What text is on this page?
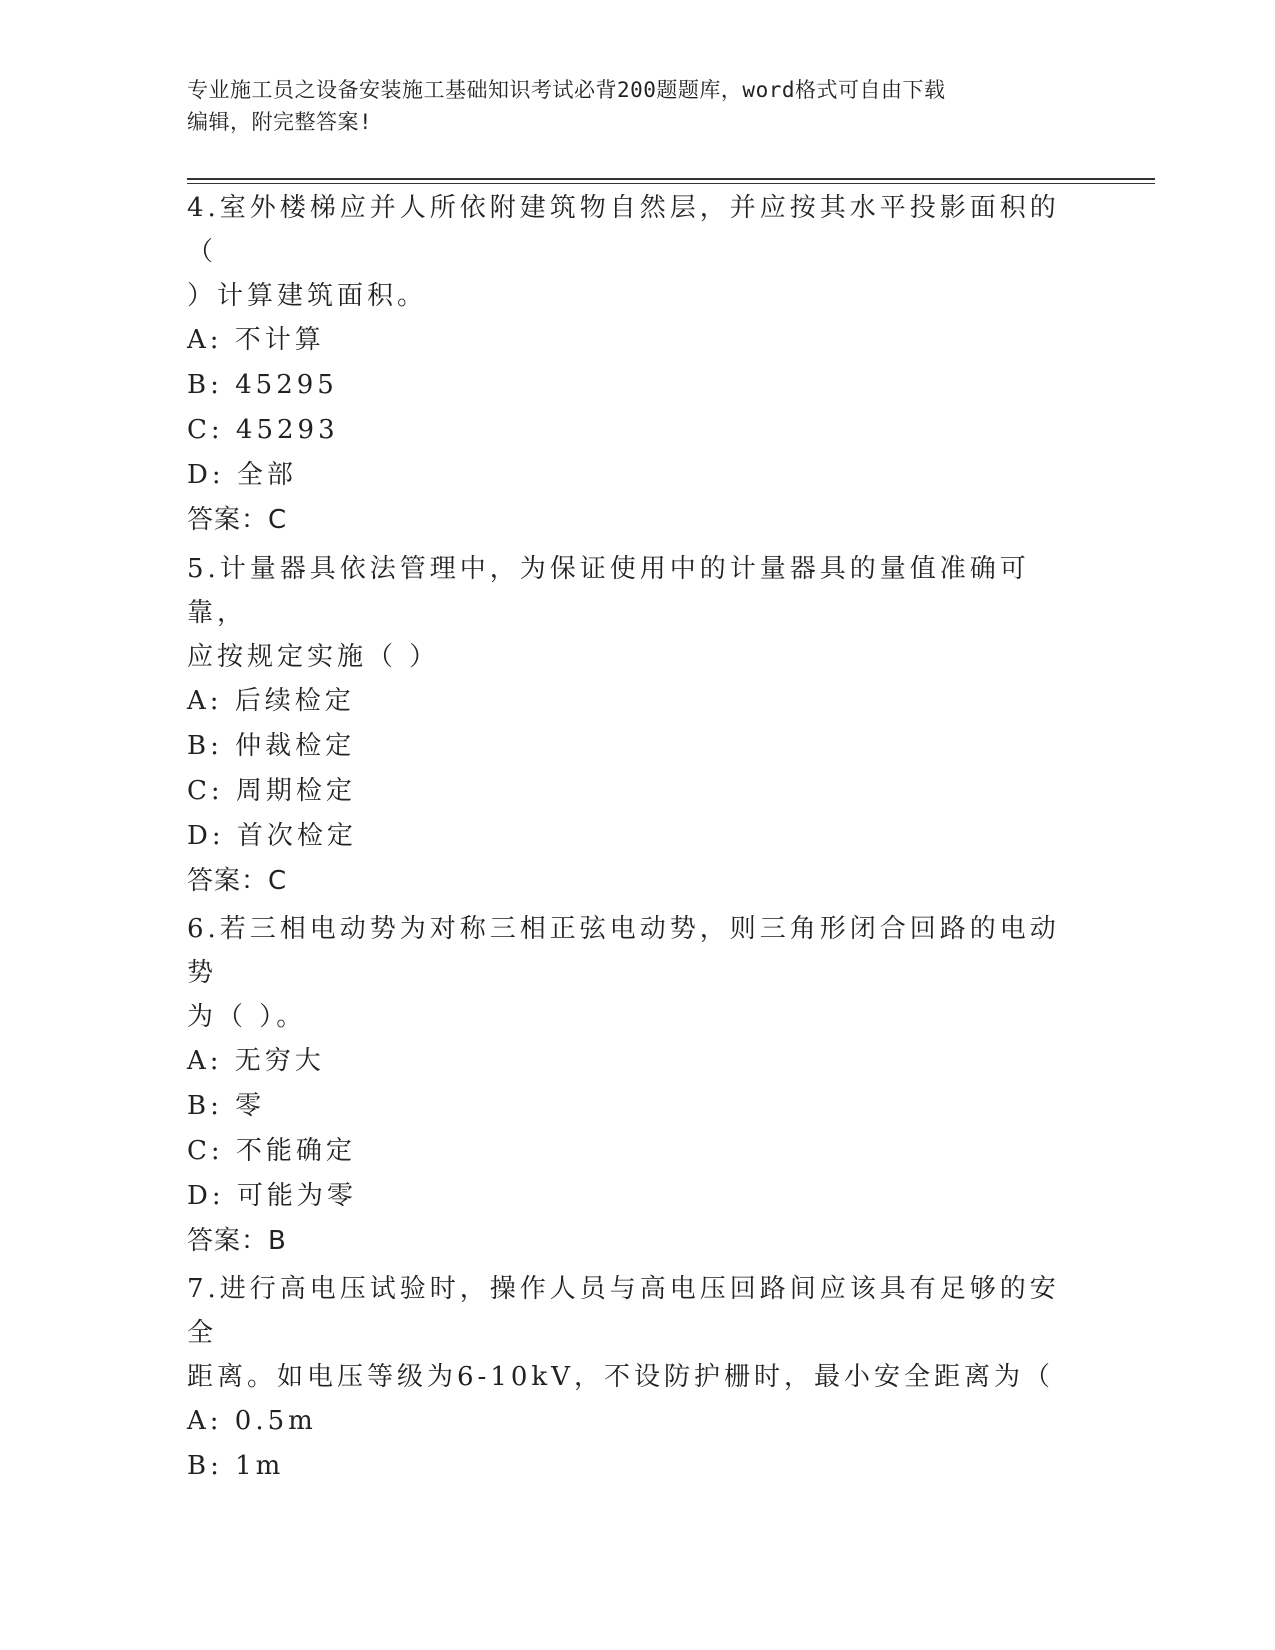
专业施工员之设备安装施工基础知识考试必背200题题库，word格式可自由下载
编辑，附完整答案!
4.室外楼梯应并人所依附建筑物自然层，并应按其水平投影面积的（
）计算建筑面积。
A: 不计算
B: 45295
C: 45293
D: 全部
答案：C
5.计量器具依法管理中，为保证使用中的计量器具的量值准确可靠，
应按规定实施（ ）
A: 后续检定
B: 仲裁检定
C: 周期检定
D: 首次检定
答案：C
6.若三相电动势为对称三相正弦电动势，则三角形闭合回路的电动势
为（ ）。
A: 无穷大
B: 零
C: 不能确定
D: 可能为零
答案：B
7.进行高电压试验时，操作人员与高电压回路间应该具有足够的安全
距离。如电压等级为6-10kV，不设防护栅时，最小安全距离为（
A: 0.5m
B: 1m
